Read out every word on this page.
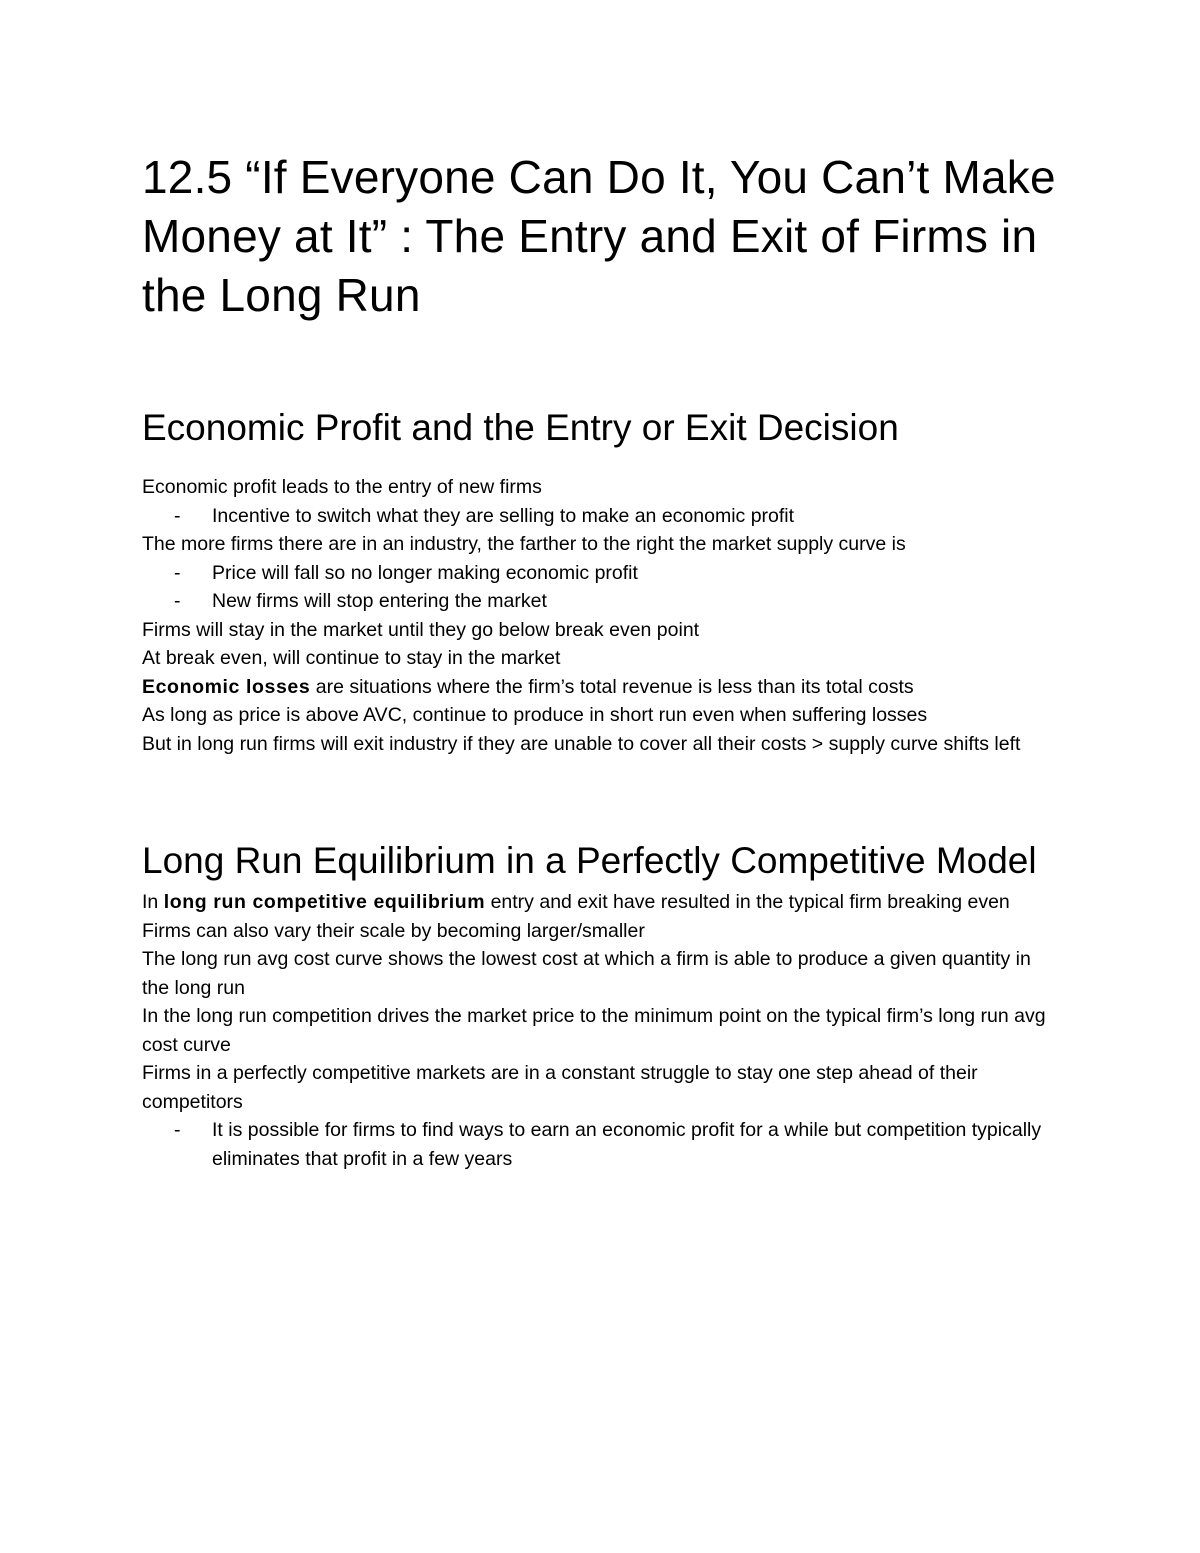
12.5 “If Everyone Can Do It, You Can’t Make Money at It” : The Entry and Exit of Firms in the Long Run
Economic Profit and the Entry or Exit Decision

Economic profit leads to the entry of new firms

- Incentive to switch what they are selling to make an economic profit

The more firms there are in an industry, the farther to the right the market supply curve is

- Price will fall so no longer making economic profit

- New firms will stop entering the market

Firms will stay in the market until they go below break even point

At break even, will continue to stay in the market

Economic losses are situations where the firm’s total revenue is less than its total costs

As long as price is above AVC, continue to produce in short run even when suffering losses

But in long run firms will exit industry if they are unable to cover all their costs > supply curve shifts left

Long Run Equilibrium in a Perfectly Competitive Model

In long run competitive equilibrium entry and exit have resulted in the typical firm breaking even

Firms can also vary their scale by becoming larger/smaller

The long run avg cost curve shows the lowest cost at which a firm is able to produce a given quantity in the long run

In the long run competition drives the market price to the minimum point on the typical firm’s long run avg cost curve

Firms in a perfectly competitive markets are in a constant struggle to stay one step ahead of their competitors

- It is possible for firms to find ways to earn an economic profit for a while but competition typically eliminates that profit in a few years
